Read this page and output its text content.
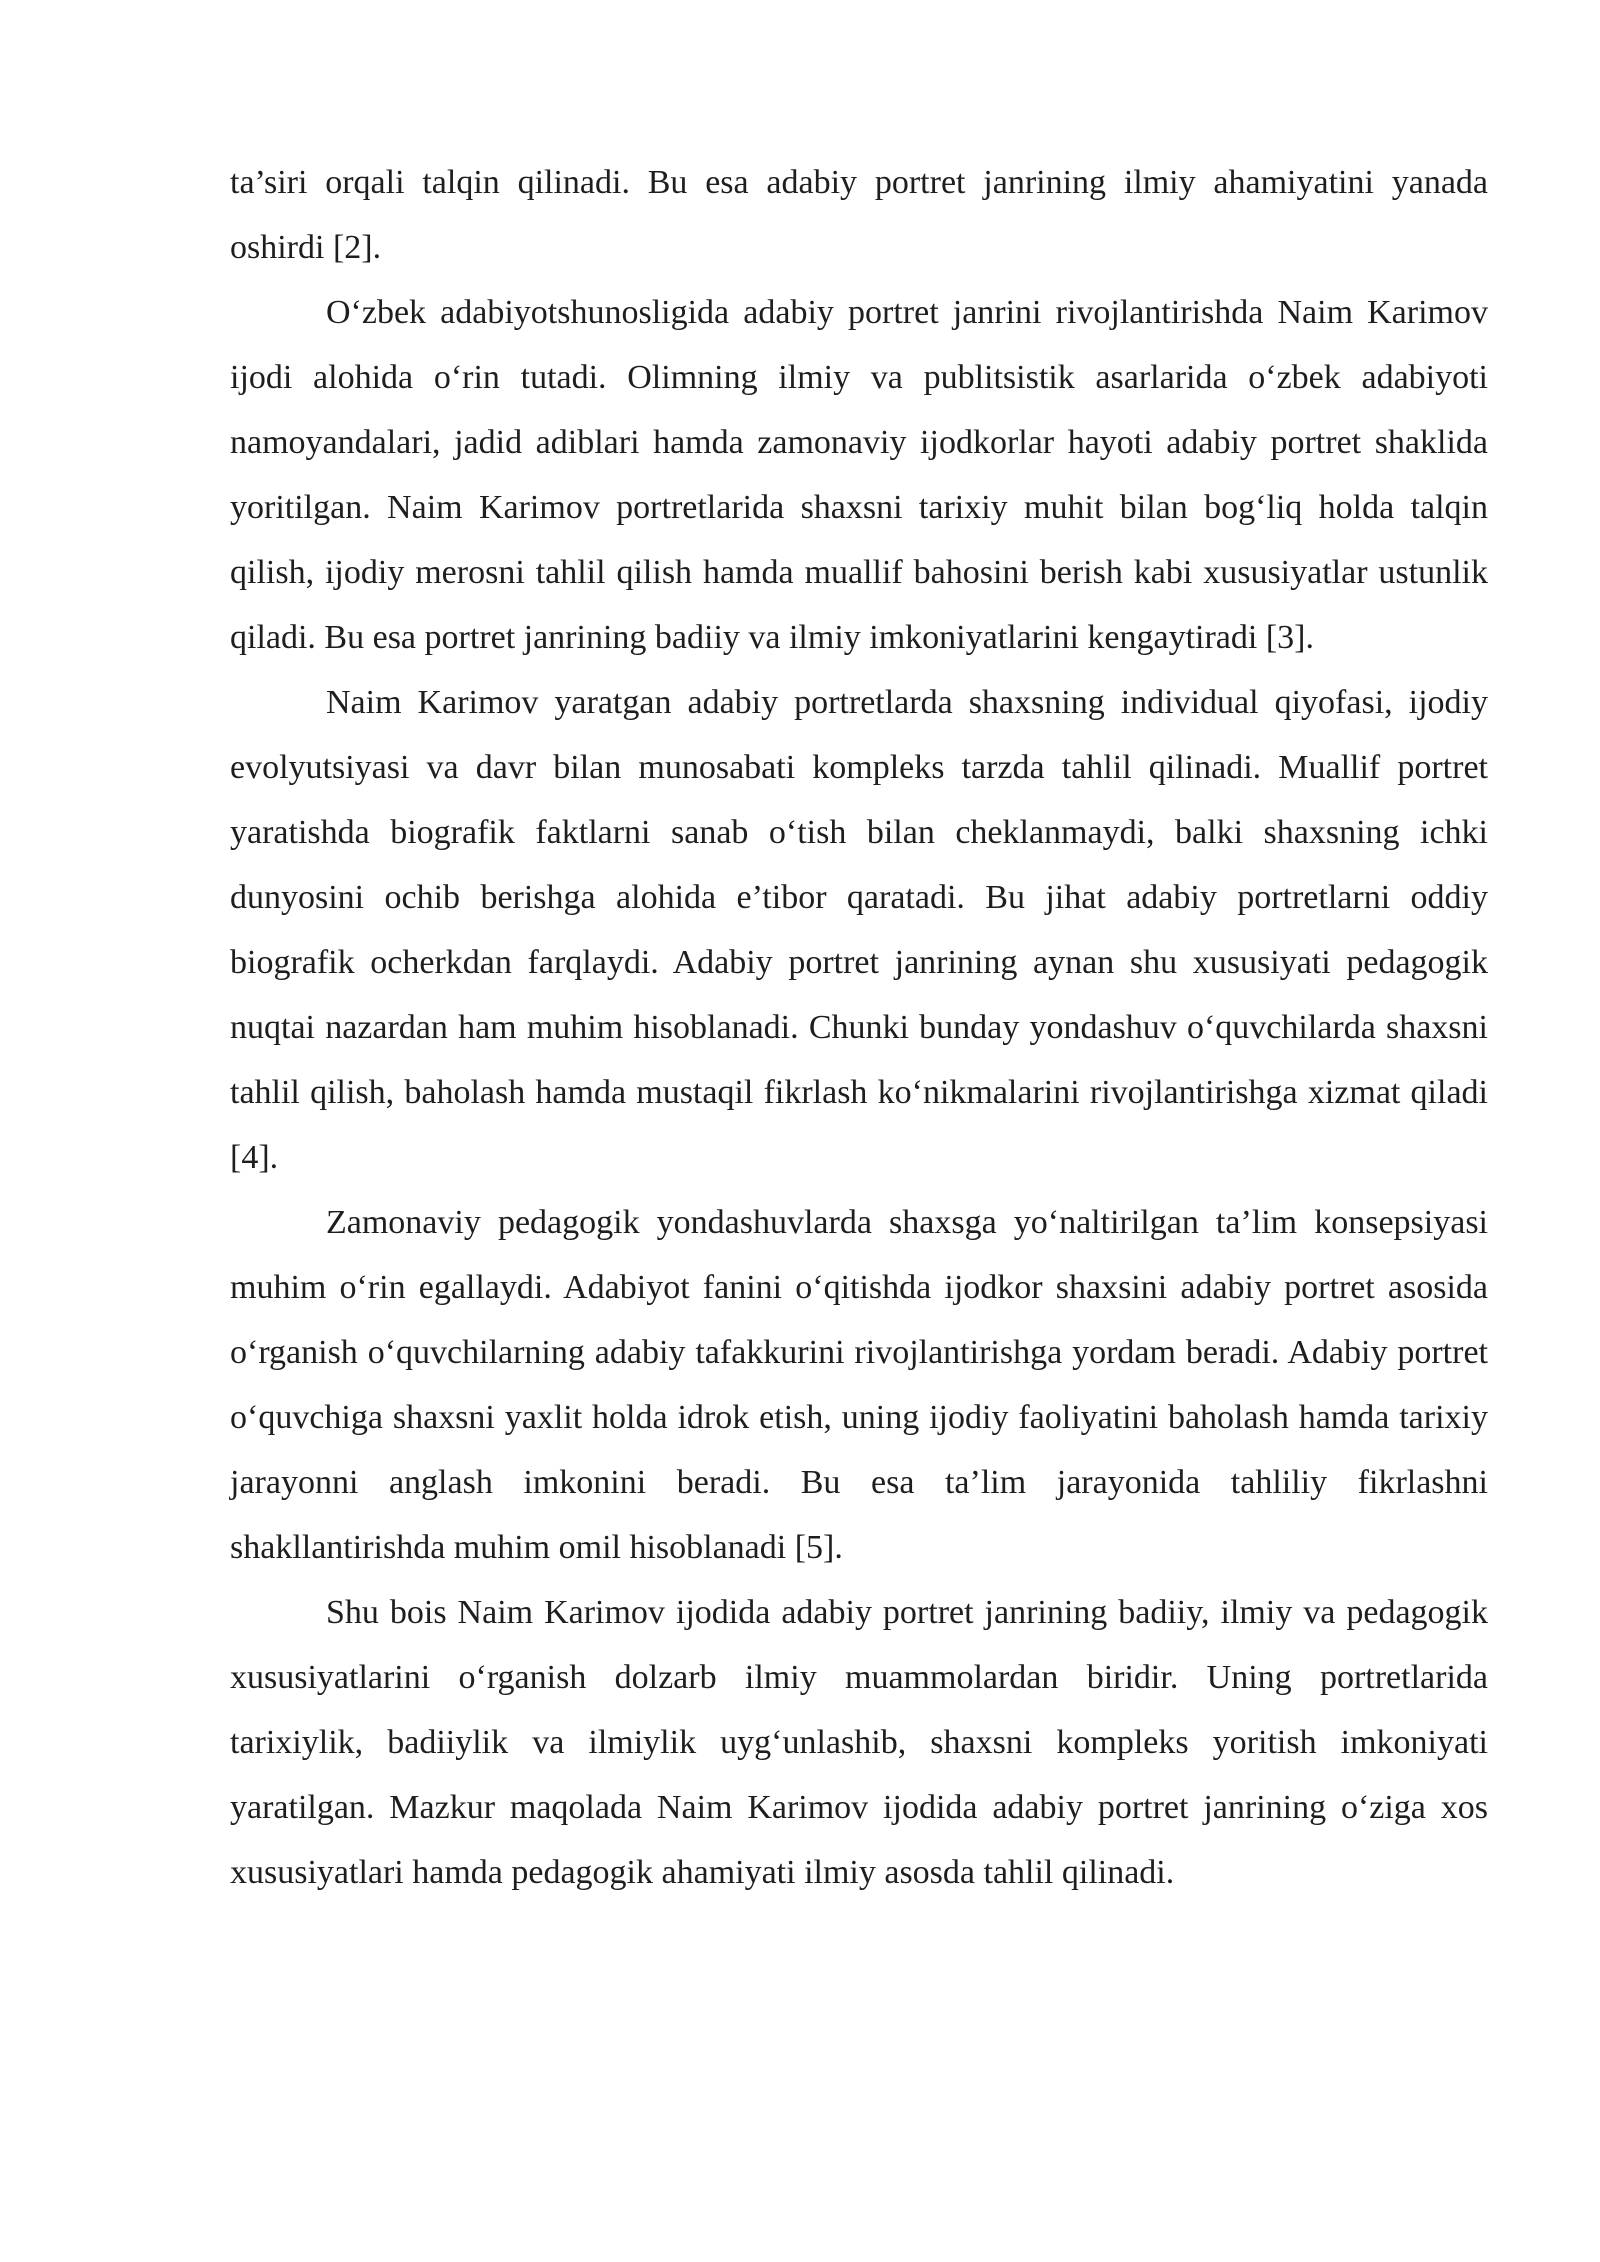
ta’siri orqali talqin qilinadi. Bu esa adabiy portret janrining ilmiy ahamiyatini yanada oshirdi [2].

O‘zbek adabiyotshunosligida adabiy portret janrini rivojlantirishda Naim Karimov ijodi alohida o‘rin tutadi. Olimning ilmiy va publitsistik asarlarida o‘zbek adabiyoti namoyandalari, jadid adiblari hamda zamonaviy ijodkorlar hayoti adabiy portret shaklida yoritilgan. Naim Karimov portretlarida shaxsni tarixiy muhit bilan bog‘liq holda talqin qilish, ijodiy merosni tahlil qilish hamda muallif bahosini berish kabi xususiyatlar ustunlik qiladi. Bu esa portret janrining badiiy va ilmiy imkoniyatlarini kengaytiradi [3].

Naim Karimov yaratgan adabiy portretlarda shaxsning individual qiyofasi, ijodiy evolyutsiyasi va davr bilan munosabati kompleks tarzda tahlil qilinadi. Muallif portret yaratishda biografik faktlarni sanab o‘tish bilan cheklanmaydi, balki shaxsning ichki dunyosini ochib berishga alohida e’tibor qaratadi. Bu jihat adabiy portretlarni oddiy biografik ocherkdan farqlaydi. Adabiy portret janrining aynan shu xususiyati pedagogik nuqtai nazardan ham muhim hisoblanadi. Chunki bunday yondashuv o‘quvchilarda shaxsni tahlil qilish, baholash hamda mustaqil fikrlash ko‘nikmalarini rivojlantirishga xizmat qiladi [4].

Zamonaviy pedagogik yondashuvlarda shaxsga yo‘naltirilgan ta’lim konsepsiyasi muhim o‘rin egallaydi. Adabiyot fanini o‘qitishda ijodkor shaxsini adabiy portret asosida o‘rganish o‘quvchilarning adabiy tafakkurini rivojlantirishga yordam beradi. Adabiy portret o‘quvchiga shaxsni yaxlit holda idrok etish, uning ijodiy faoliyatini baholash hamda tarixiy jarayonni anglash imkonini beradi. Bu esa ta’lim jarayonida tahliliy fikrlashni shakllantirishda muhim omil hisoblanadi [5].

Shu bois Naim Karimov ijodida adabiy portret janrining badiiy, ilmiy va pedagogik xususiyatlarini o‘rganish dolzarb ilmiy muammolardan biridir. Uning portretlarida tarixiylik, badiiylik va ilmiylik uyg‘unlashib, shaxsni kompleks yoritish imkoniyati yaratilgan. Mazkur maqolada Naim Karimov ijodida adabiy portret janrining o‘ziga xos xususiyatlari hamda pedagogik ahamiyati ilmiy asosda tahlil qilinadi.
